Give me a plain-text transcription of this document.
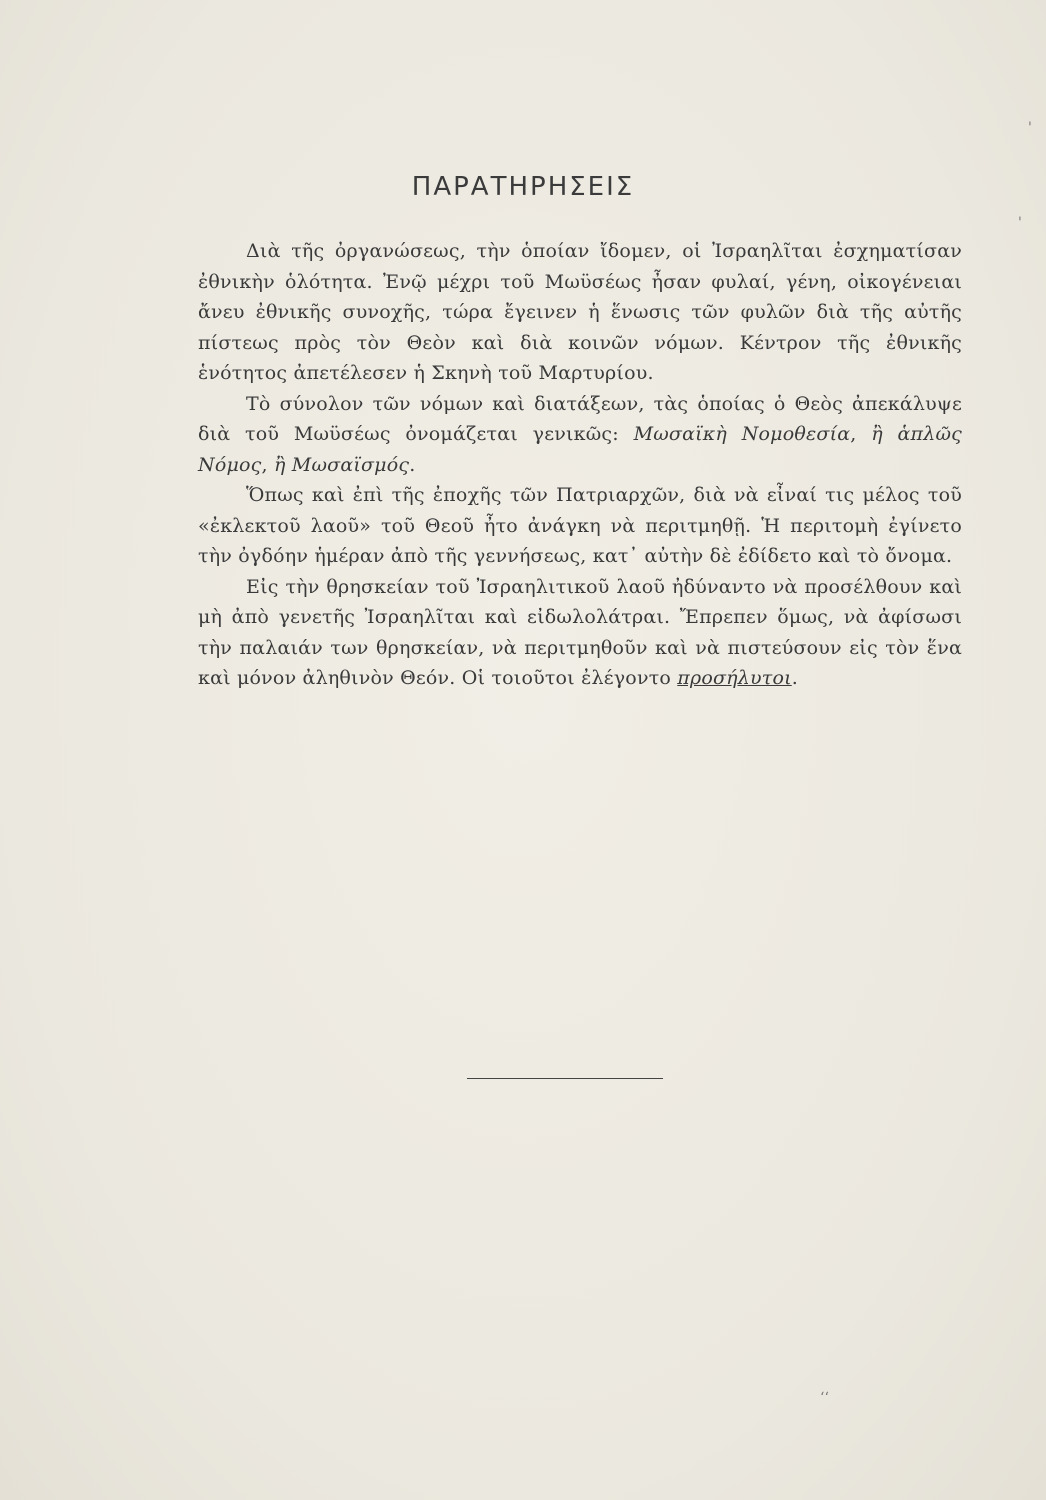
ΠΑΡΑΤΗΡΗΣΕΙΣ

Διὰ τῆς ὀργανώσεως, τὴν ὁποίαν ἴδομεν, οἱ Ἰσραηλῖται ἐσχηματίσαν ἐθνικὴν ὁλότητα. Ἐνῷ μέχρι τοῦ Μωϋσέως ἦσαν φυλαί, γένη, οἰκογένειαι ἄνευ ἐθνικῆς συνοχῆς, τώρα ἔγεινεν ἡ ἕνωσις τῶν φυλῶν διὰ τῆς αὐτῆς πίστεως πρὸς τὸν Θεὸν καὶ διὰ κοινῶν νόμων. Κέντρον τῆς ἐθνικῆς ἑνότητος ἀπετέλεσεν ἡ Σκηνὴ τοῦ Μαρτυρίου.

Τὸ σύνολον τῶν νόμων καὶ διατάξεων, τὰς ὁποίας ὁ Θεὸς ἀπεκάλυψε διὰ τοῦ Μωϋσέως ὀνομάζεται γενικῶς: Μωσαϊκὴ Νομοθεσία, ἢ ἁπλῶς Νόμος, ἢ Μωσαϊσμός.

Ὅπως καὶ ἐπὶ τῆς ἐποχῆς τῶν Πατριαρχῶν, διὰ νὰ εἶναί τις μέλος τοῦ «ἐκλεκτοῦ λαοῦ» τοῦ Θεοῦ ἦτο ἀνάγκη νὰ περιτμηθῇ. Ἡ περιτομὴ ἐγίνετο τὴν ὀγδόην ἡμέραν ἀπὸ τῆς γεννήσεως, κατ᾽ αὐτὴν δὲ ἐδίδετο καὶ τὸ ὄνομα.

Εἰς τὴν θρησκείαν τοῦ Ἰσραηλιτικοῦ λαοῦ ἠδύναντο νὰ προσέλθουν καὶ μὴ ἀπὸ γενετῆς Ἰσραηλῖται καὶ εἰδωλολάτραι. Ἔπρεπεν ὅμως, νὰ ἀφίσωσι τὴν παλαιάν των θρησκείαν, νὰ περιτμηθοῦν καὶ νὰ πιστεύσουν εἰς τὸν ἕνα καὶ μόνον ἀληθινὸν Θεόν. Οἱ τοιοῦτοι ἐλέγοντο προσήλυτοι.

'
'
‘‘
